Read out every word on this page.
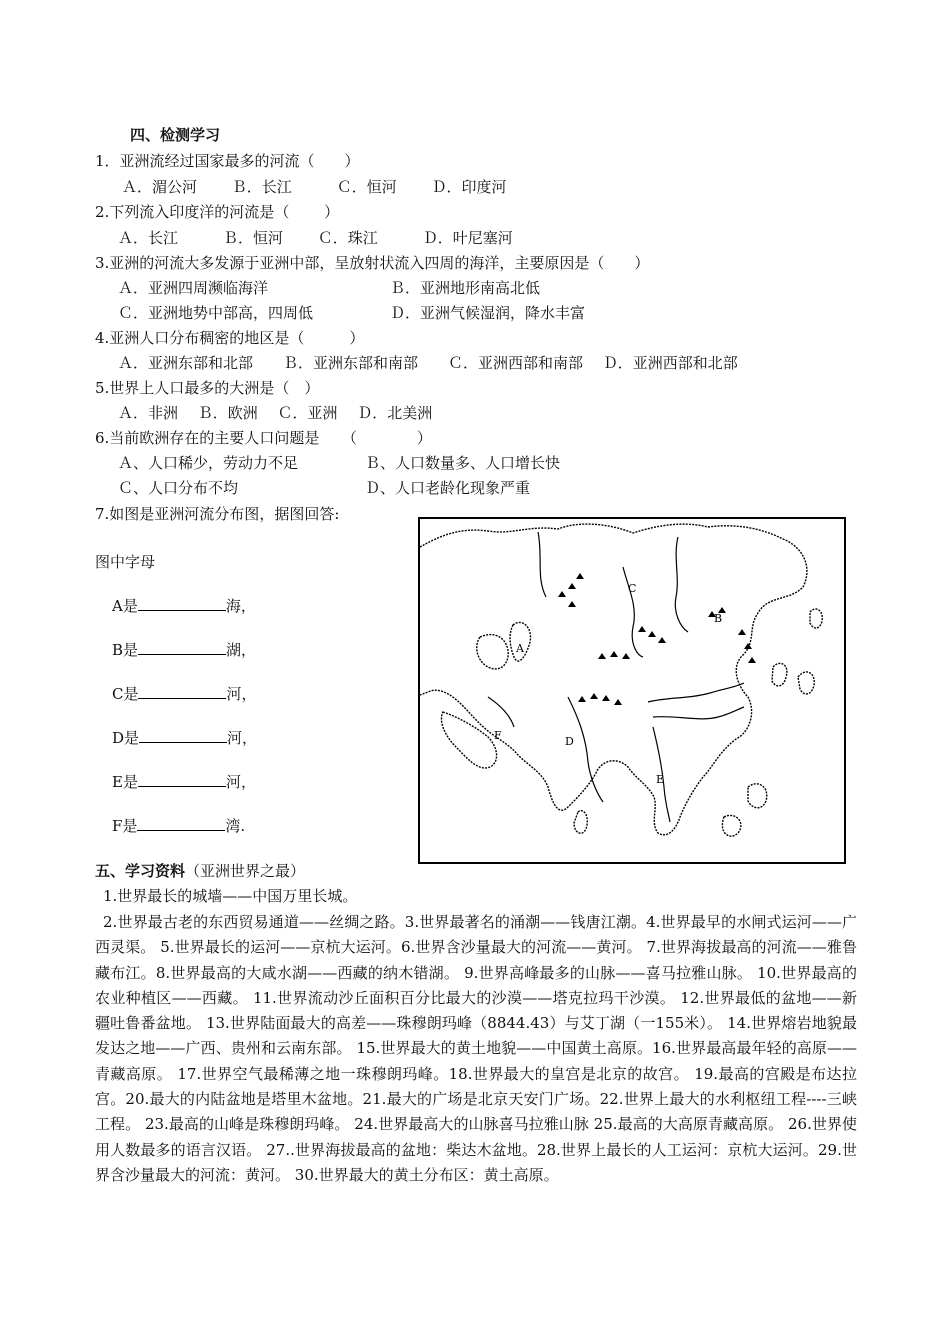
四、检测学习
1．亚洲流经过国家最多的河流（　　）
Ａ．湄公河　　 Ｂ．长江　　　Ｃ．恒河　　 Ｄ．印度河
2.下列流入印度洋的河流是（　　 ）
Ａ．长江　　　Ｂ．恒河　　 Ｃ．珠江　　　Ｄ．叶尼塞河
3.亚洲的河流大多发源于亚洲中部，呈放射状流入四周的海洋，主要原因是（　　）
Ａ．亚洲四周濒临海洋	Ｂ．亚洲地形南高北低
Ｃ．亚洲地势中部高，四周低	Ｄ．亚洲气候湿润，降水丰富
4.亚洲人口分布稠密的地区是（　　　）
Ａ．亚洲东部和北部　　Ｂ．亚洲东部和南部　　Ｃ．亚洲西部和南部　 Ｄ．亚洲西部和北部
5.世界上人口最多的大洲是（　）
Ａ．非洲　 Ｂ．欧洲　 Ｃ．亚洲　 Ｄ．北美洲
6.当前欧洲存在的主要人口问题是　　（　　　　）
Ａ、人口稀少，劳动力不足	Ｂ、人口数量多、人口增长快
Ｃ、人口分布不均	Ｄ、人口老龄化现象严重
7.如图是亚洲河流分布图，据图回答:
图中字母
A是	海，
B是	湖，
C是	河，
D是	河，
E是	河，
F是	湾.
A
B
C
D
E
F
五、学习资料（亚洲世界之最）
1.世界最长的城墙——中国万里长城。

2.世界最古老的东西贸易通道——丝绸之路。3.世界最著名的涌潮——钱唐江潮。4.世界最早的水闸式运河——广西灵渠。 5.世界最长的运河——京杭大运河。6.世界含沙量最大的河流——黄河。 7.世界海拔最高的河流——雅鲁藏布江。8.世界最高的大咸水湖——西藏的纳木错湖。 9.世界高峰最多的山脉——喜马拉雅山脉。 10.世界最高的农业种植区——西藏。 11.世界流动沙丘面积百分比最大的沙漠——塔克拉玛干沙漠。 12.世界最低的盆地——新疆吐鲁番盆地。 13.世界陆面最大的高差——珠穆朗玛峰（8844.43）与艾丁湖（一155米）。 14.世界熔岩地貌最发达之地——广西、贵州和云南东部。 15.世界最大的黄土地貌——中国黄土高原。16.世界最高最年轻的高原——青藏高原。 17.世界空气最稀薄之地一珠穆朗玛峰。18.世界最大的皇宫是北京的故宫。 19.最高的宫殿是布达拉宫。20.最大的内陆盆地是塔里木盆地。21.最大的广场是北京天安门广场。22.世界上最大的水利枢纽工程----三峡工程。 23.最高的山峰是珠穆朗玛峰。 24.世界最高大的山脉喜马拉雅山脉 25.最高的大高原青藏高原。 26.世界使用人数最多的语言汉语。 27..世界海拔最高的盆地：柴达木盆地。28.世界上最长的人工运河：京杭大运河。29.世界含沙量最大的河流：黄河。 30.世界最大的黄土分布区：黄土高原。
